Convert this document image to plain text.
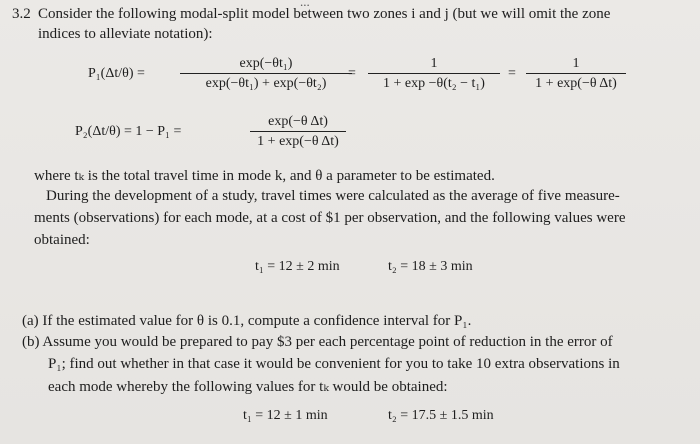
...
3.2 Consider the following modal-split model between two zones i and j (but we will omit the zone
indices to alleviate notation):
P₁(Δt/θ) =
exp(−θt₁)
exp(−θt₁) + exp(−θt₂)
=
1
1 + exp −θ(t₂ − t₁)
=
1
1 + exp(−θ Δt)
P₂(Δt/θ) = 1 − P₁ =
exp(−θ Δt)
1 + exp(−θ Δt)
where tₖ is the total travel time in mode k, and θ a parameter to be estimated.
During the development of a study, travel times were calculated as the average of five measure-
ments (observations) for each mode, at a cost of $1 per observation, and the following values were
obtained:
t₁ = 12 ± 2 min	t₂ = 18 ± 3 min
(a) If the estimated value for θ is 0.1, compute a confidence interval for P₁.
(b) Assume you would be prepared to pay $3 per each percentage point of reduction in the error of
P₁; find out whether in that case it would be convenient for you to take 10 extra observations in
each mode whereby the following values for tₖ would be obtained:
t₁ = 12 ± 1 min	t₂ = 17.5 ± 1.5 min
